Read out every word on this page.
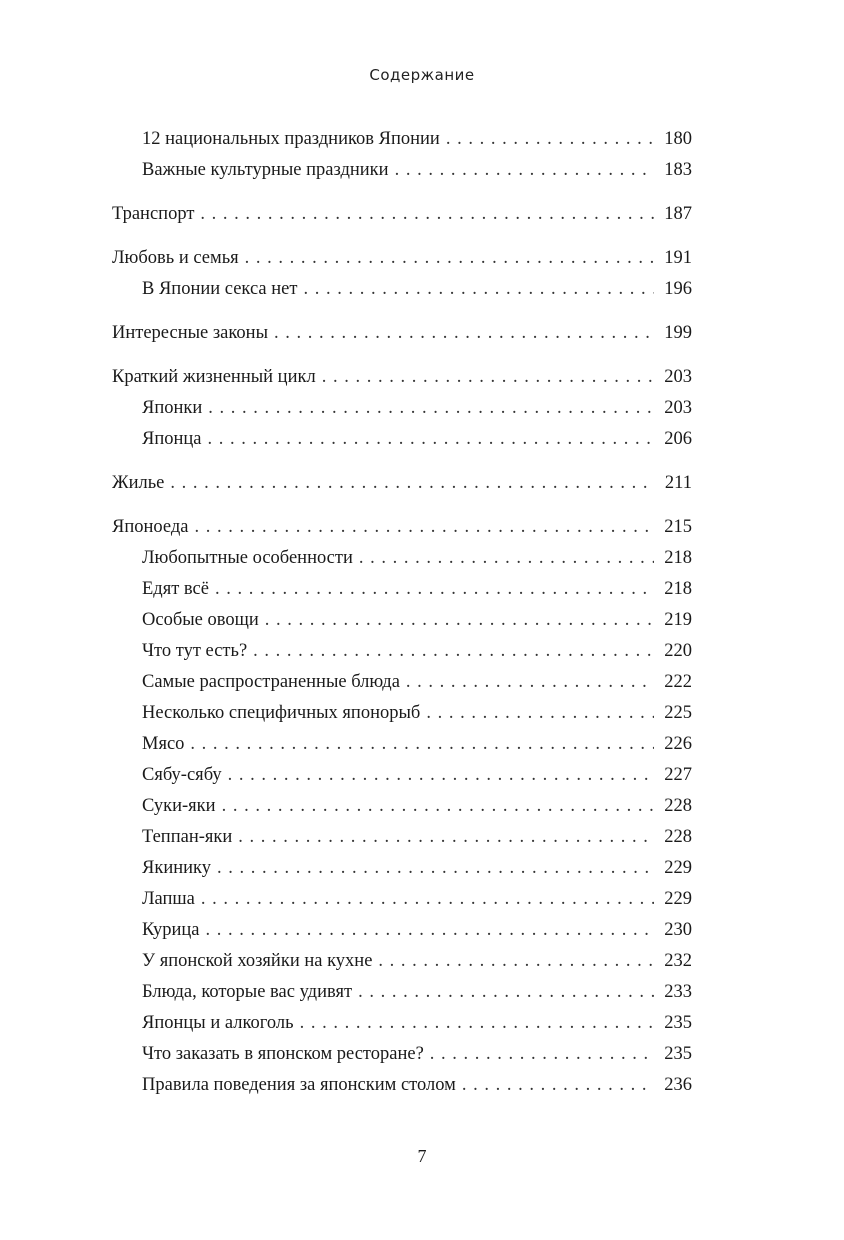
Содержание
12 национальных праздников Японии . . .	180
Важные культурные праздники . . .	183
Транспорт . . .	187
Любовь и семья . . .	191
В Японии секса нет . . .	196
Интересные законы . . .	199
Краткий жизненный цикл . . .	203
Японки . . .	203
Японца . . .	206
Жилье . . .	211
Японоеда . . .	215
Любопытные особенности . . .	218
Едят всё . . .	218
Особые овощи . . .	219
Что тут есть? . . .	220
Самые распространенные блюда . . .	222
Несколько специфичных японорыб . . .	225
Мясо . . .	226
Сябу-сябу . . .	227
Суки-яки . . .	228
Теппан-яки . . .	228
Якинику . . .	229
Лапша . . .	229
Курица . . .	230
У японской хозяйки на кухне . . .	232
Блюда, которые вас удивят . . .	233
Японцы и алкоголь . . .	235
Что заказать в японском ресторане? . . .	235
Правила поведения за японским столом . . .	236
7
